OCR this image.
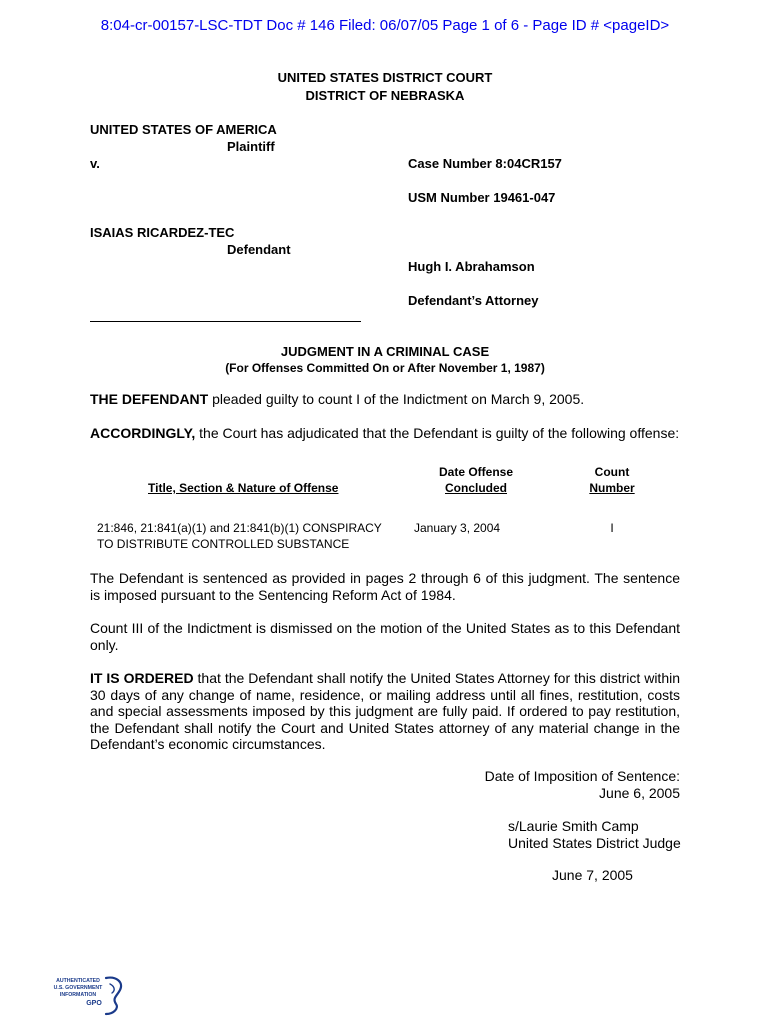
8:04-cr-00157-LSC-TDT Doc # 146 Filed: 06/07/05 Page 1 of 6 - Page ID # <pageID>
UNITED STATES DISTRICT COURT
DISTRICT OF NEBRASKA
UNITED STATES OF AMERICA
Plaintiff
v.	Case Number 8:04CR157
USM Number 19461-047
ISAIAS RICARDEZ-TEC
Defendant
Hugh I. Abrahamson
Defendant’s Attorney
JUDGMENT IN A CRIMINAL CASE
(For Offenses Committed On or After November 1, 1987)
THE DEFENDANT pleaded guilty to count I of the Indictment on March 9, 2005.
ACCORDINGLY, the Court has adjudicated that the Defendant is guilty of the following offense:
Title, Section & Nature of Offense
Date Offense
Concluded
Count
Number
21:846, 21:841(a)(1) and 21:841(b)(1) CONSPIRACY
TO DISTRIBUTE CONTROLLED SUBSTANCE
January 3, 2004	I
The Defendant is sentenced as provided in pages 2 through 6 of this judgment. The sentence is imposed pursuant to the Sentencing Reform Act of 1984.
Count III of the Indictment is dismissed on the motion of the United States as to this Defendant only.
IT IS ORDERED that the Defendant shall notify the United States Attorney for this district within 30 days of any change of name, residence, or mailing address until all fines, restitution, costs and special assessments imposed by this judgment are fully paid. If ordered to pay restitution, the Defendant shall notify the Court and United States attorney of any material change in the Defendant’s economic circumstances.
Date of Imposition of Sentence:
June 6, 2005
s/Laurie Smith Camp
United States District Judge
June 7, 2005
AUTHENTICATED
U.S. GOVERNMENT
INFORMATION
GPO
